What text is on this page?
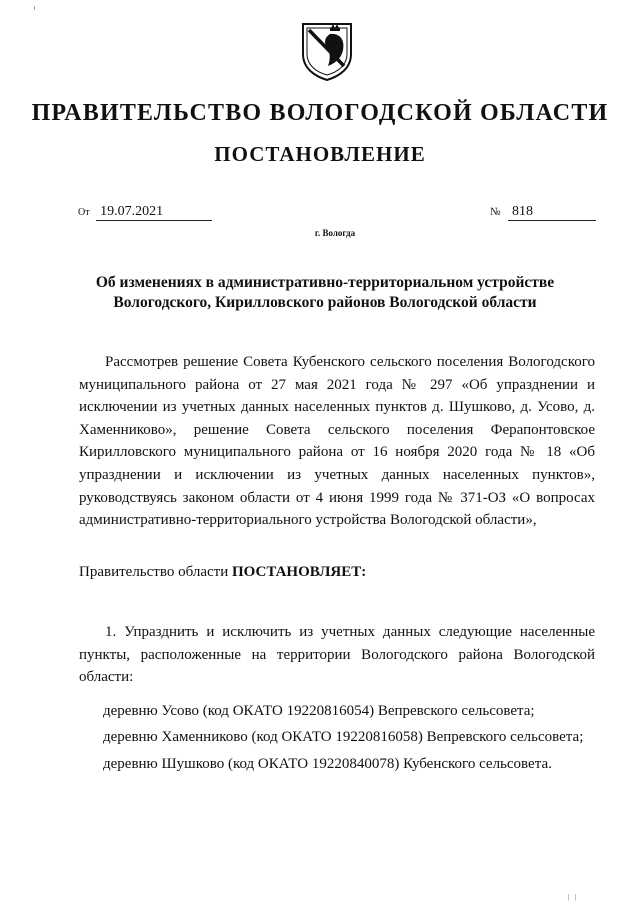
ПРАВИТЕЛЬСТВО ВОЛОГОДСКОЙ ОБЛАСТИ
ПОСТАНОВЛЕНИЕ
От 19.07.2021	№ 818
г. Вологда
Об изменениях в административно-территориальном устройстве
Вологодского, Кирилловского районов Вологодской области

Рассмотрев решение Совета Кубенского сельского поселения Вологодского муниципального района от 27 мая 2021 года № 297 «Об упразднении и исключении из учетных данных населенных пунктов д. Шушково, д. Усово, д. Хаменниково», решение Совета сельского поселения Ферапонтовское Кирилловского муниципального района от 16 ноября 2020 года № 18 «Об упразднении и исключении из учетных данных населенных пунктов», руководствуясь законом области от 4 июня 1999 года № 371-ОЗ «О вопросах административно-территориального устройства Вологодской области»,

Правительство области ПОСТАНОВЛЯЕТ:

1. Упразднить и исключить из учетных данных следующие населенные пункты, расположенные на территории Вологодского района Вологодской области:

деревню Усово (код ОКАТО 19220816054) Вепревского сельсовета;

деревню Хаменниково (код ОКАТО 19220816058) Вепревского сельсовета;

деревню Шушково (код ОКАТО 19220840078) Кубенского сельсовета.

| |
